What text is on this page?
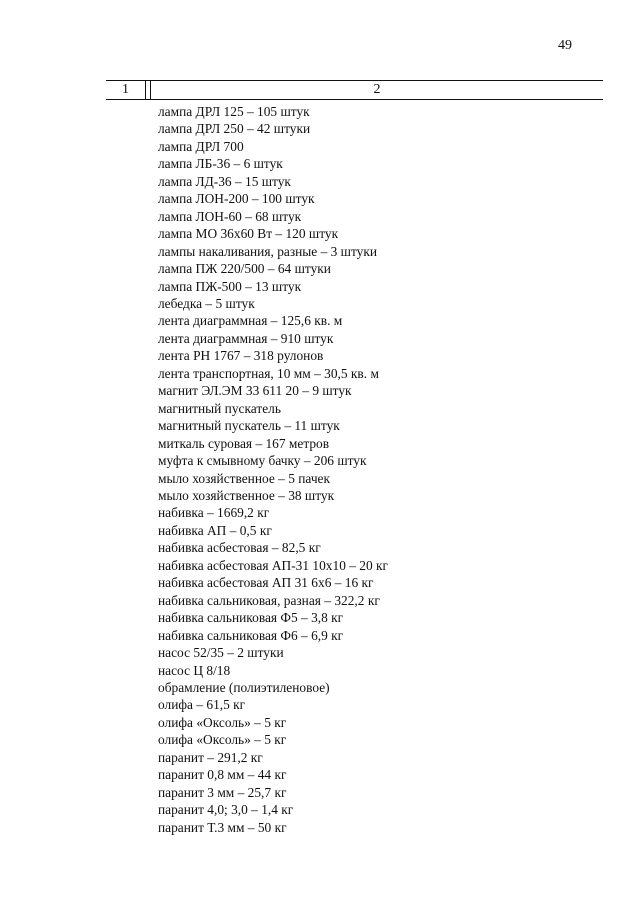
49
1	2
лампа ДРЛ 125 – 105 штук
лампа ДРЛ 250 – 42 штуки
лампа ДРЛ 700
лампа ЛБ-36 – 6 штук
лампа ЛД-36 – 15 штук
лампа ЛОН-200 – 100 штук
лампа ЛОН-60 – 68 штук
лампа МО 36х60 Вт – 120 штук
лампы накаливания, разные – 3 штуки
лампа ПЖ 220/500 – 64 штуки
лампа ПЖ-500 – 13 штук
лебедка – 5 штук
лента диаграммная – 125,6 кв. м
лента диаграммная – 910 штук
лента РН 1767 – 318 рулонов
лента транспортная, 10 мм – 30,5 кв. м
магнит ЭЛ.ЭМ 33 611 20 – 9 штук
магнитный пускатель
магнитный пускатель – 11 штук
миткаль суровая – 167 метров
муфта к смывному бачку – 206 штук
мыло хозяйственное – 5 пачек
мыло хозяйственное – 38 штук
набивка – 1669,2 кг
набивка АП – 0,5 кг
набивка асбестовая – 82,5 кг
набивка асбестовая АП-31 10х10 – 20 кг
набивка асбестовая АП 31 6х6 – 16 кг
набивка сальниковая, разная – 322,2 кг
набивка сальниковая Ф5 – 3,8 кг
набивка сальниковая Ф6 – 6,9 кг
насос 52/35 – 2 штуки
насос Ц 8/18
обрамление (полиэтиленовое)
олифа – 61,5 кг
олифа «Оксоль» – 5 кг
олифа «Оксоль» – 5 кг
паранит – 291,2 кг
паранит 0,8 мм – 44 кг
паранит 3 мм – 25,7 кг
паранит 4,0; 3,0 – 1,4 кг
паранит Т.3 мм – 50 кг
